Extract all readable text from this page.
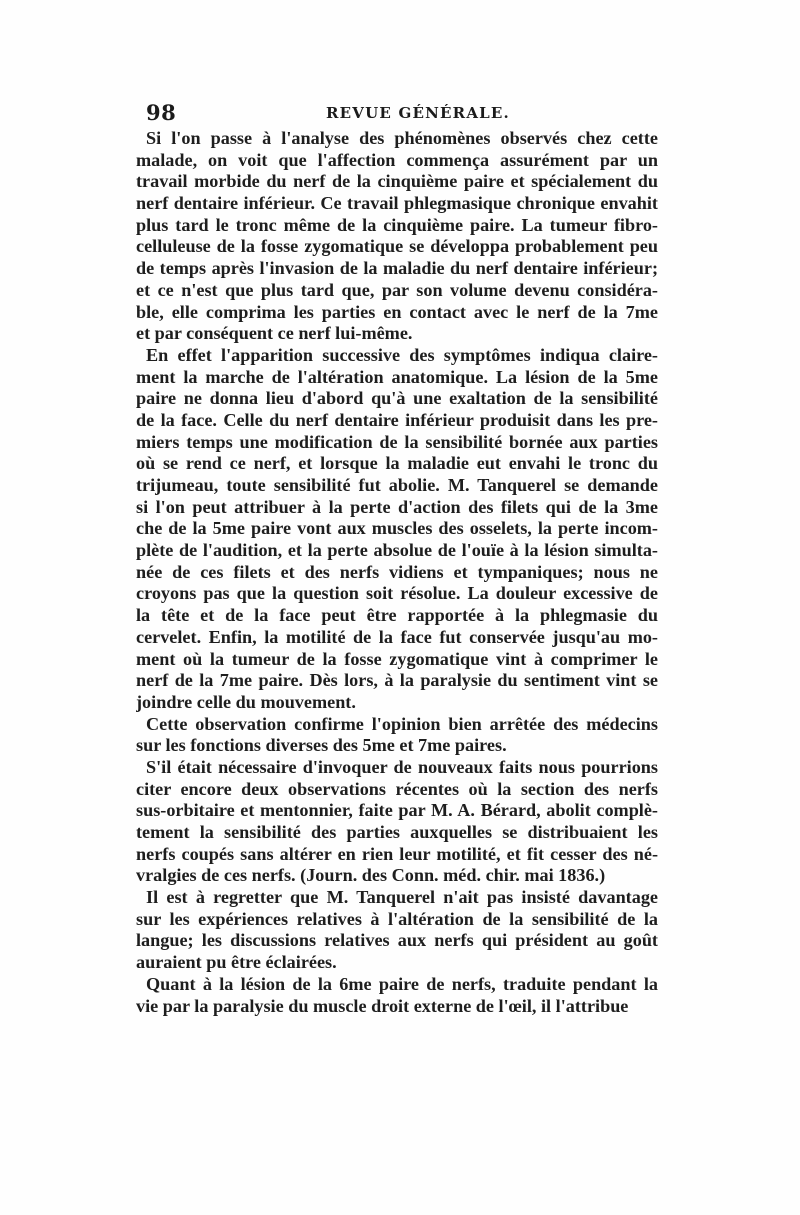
98	REVUE GÉNÉRALE.
Si l'on passe à l'analyse des phénomènes observés chez cette
malade, on voit que l'affection commença assurément par un
travail morbide du nerf de la cinquième paire et spécialement du
nerf dentaire inférieur. Ce travail phlegmasique chronique envahit
plus tard le tronc même de la cinquième paire. La tumeur fibro-
celluleuse de la fosse zygomatique se développa probablement peu
de temps après l'invasion de la maladie du nerf dentaire inférieur;
et ce n'est que plus tard que, par son volume devenu considéra-
ble, elle comprima les parties en contact avec le nerf de la 7me
et par conséquent ce nerf lui-même.
En effet l'apparition successive des symptômes indiqua claire-
ment la marche de l'altération anatomique. La lésion de la 5me
paire ne donna lieu d'abord qu'à une exaltation de la sensibilité
de la face. Celle du nerf dentaire inférieur produisit dans les pre-
miers temps une modification de la sensibilité bornée aux parties
où se rend ce nerf, et lorsque la maladie eut envahi le tronc du
trijumeau, toute sensibilité fut abolie. M. Tanquerel se demande
si l'on peut attribuer à la perte d'action des filets qui de la 3me
che de la 5me paire vont aux muscles des osselets, la perte incom-
plète de l'audition, et la perte absolue de l'ouïe à la lésion simulta-
née de ces filets et des nerfs vidiens et tympaniques; nous ne
croyons pas que la question soit résolue. La douleur excessive de
la tête et de la face peut être rapportée à la phlegmasie du
cervelet. Enfin, la motilité de la face fut conservée jusqu'au mo-
ment où la tumeur de la fosse zygomatique vint à comprimer le
nerf de la 7me paire. Dès lors, à la paralysie du sentiment vint se
joindre celle du mouvement.
Cette observation confirme l'opinion bien arrêtée des médecins
sur les fonctions diverses des 5me et 7me paires.
S'il était nécessaire d'invoquer de nouveaux faits nous pourrions
citer encore deux observations récentes où la section des nerfs
sus-orbitaire et mentonnier, faite par M. A. Bérard, abolit complè-
tement la sensibilité des parties auxquelles se distribuaient les
nerfs coupés sans altérer en rien leur motilité, et fit cesser des né-
vralgies de ces nerfs. (Journ. des Conn. méd. chir. mai 1836.)
Il est à regretter que M. Tanquerel n'ait pas insisté davantage
sur les expériences relatives à l'altération de la sensibilité de la
langue; les discussions relatives aux nerfs qui président au goût
auraient pu être éclairées.
Quant à la lésion de la 6me paire de nerfs, traduite pendant la
vie par la paralysie du muscle droit externe de l'œil, il l'attribue
